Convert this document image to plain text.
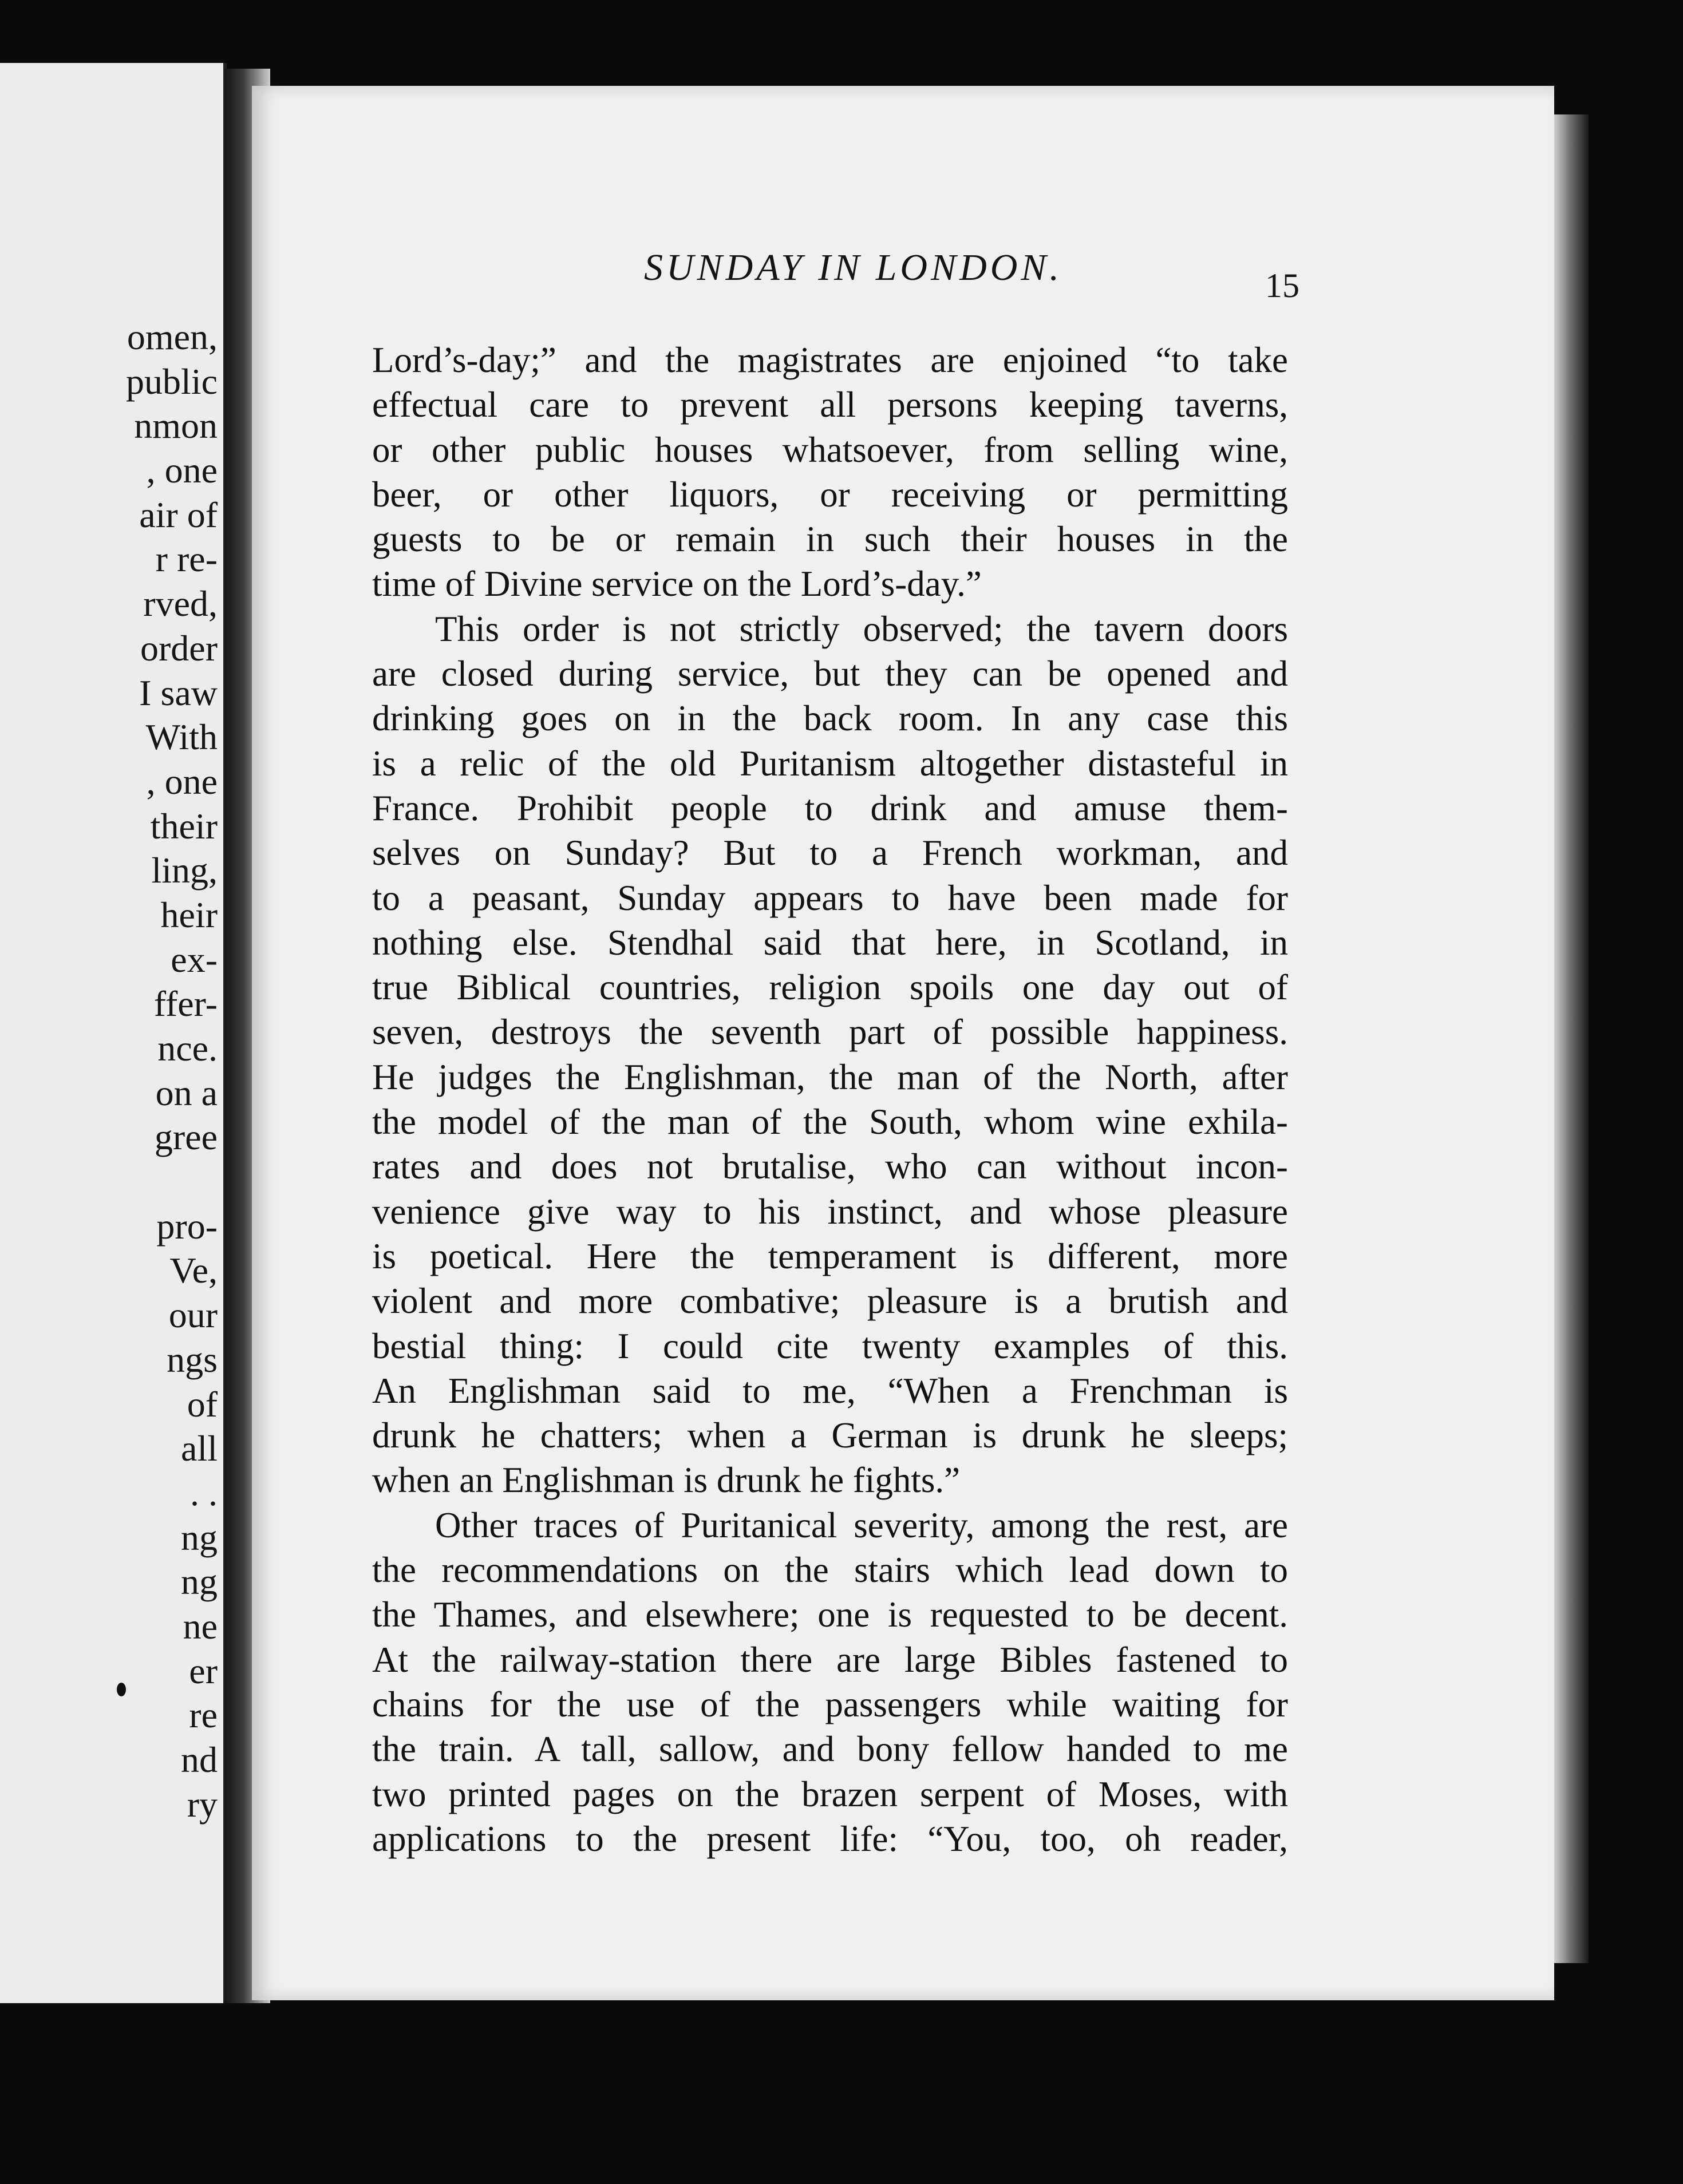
omen,
public
nmon
, one
air of
r re-
rved,
order
I saw
With
, one
their
ling,
heir
ex-
ffer-
nce.
on a
gree
pro-
Ve,
our
ngs
of
all
. .
ng
ng
ne
er
re
nd
ry
SUNDAY IN LONDON.	15
Lord’s-day;” and the magistrates are enjoined “to take
effectual care to prevent all persons keeping taverns,
or other public houses whatsoever, from selling wine,
beer, or other liquors, or receiving or permitting
guests to be or remain in such their houses in the
time of Divine service on the Lord’s-day.”
This order is not strictly observed; the tavern doors
are closed during service, but they can be opened and
drinking goes on in the back room. In any case this
is a relic of the old Puritanism altogether distasteful in
France. Prohibit people to drink and amuse them-
selves on Sunday? But to a French workman, and
to a peasant, Sunday appears to have been made for
nothing else. Stendhal said that here, in Scotland, in
true Biblical countries, religion spoils one day out of
seven, destroys the seventh part of possible happiness.
He judges the Englishman, the man of the North, after
the model of the man of the South, whom wine exhila-
rates and does not brutalise, who can without incon-
venience give way to his instinct, and whose pleasure
is poetical. Here the temperament is different, more
violent and more combative; pleasure is a brutish and
bestial thing: I could cite twenty examples of this.
An Englishman said to me, “When a Frenchman is
drunk he chatters; when a German is drunk he sleeps;
when an Englishman is drunk he fights.”
Other traces of Puritanical severity, among the rest, are
the recommendations on the stairs which lead down to
the Thames, and elsewhere; one is requested to be decent.
At the railway-station there are large Bibles fastened to
chains for the use of the passengers while waiting for
the train. A tall, sallow, and bony fellow handed to me
two printed pages on the brazen serpent of Moses, with
applications to the present life: “You, too, oh reader,
